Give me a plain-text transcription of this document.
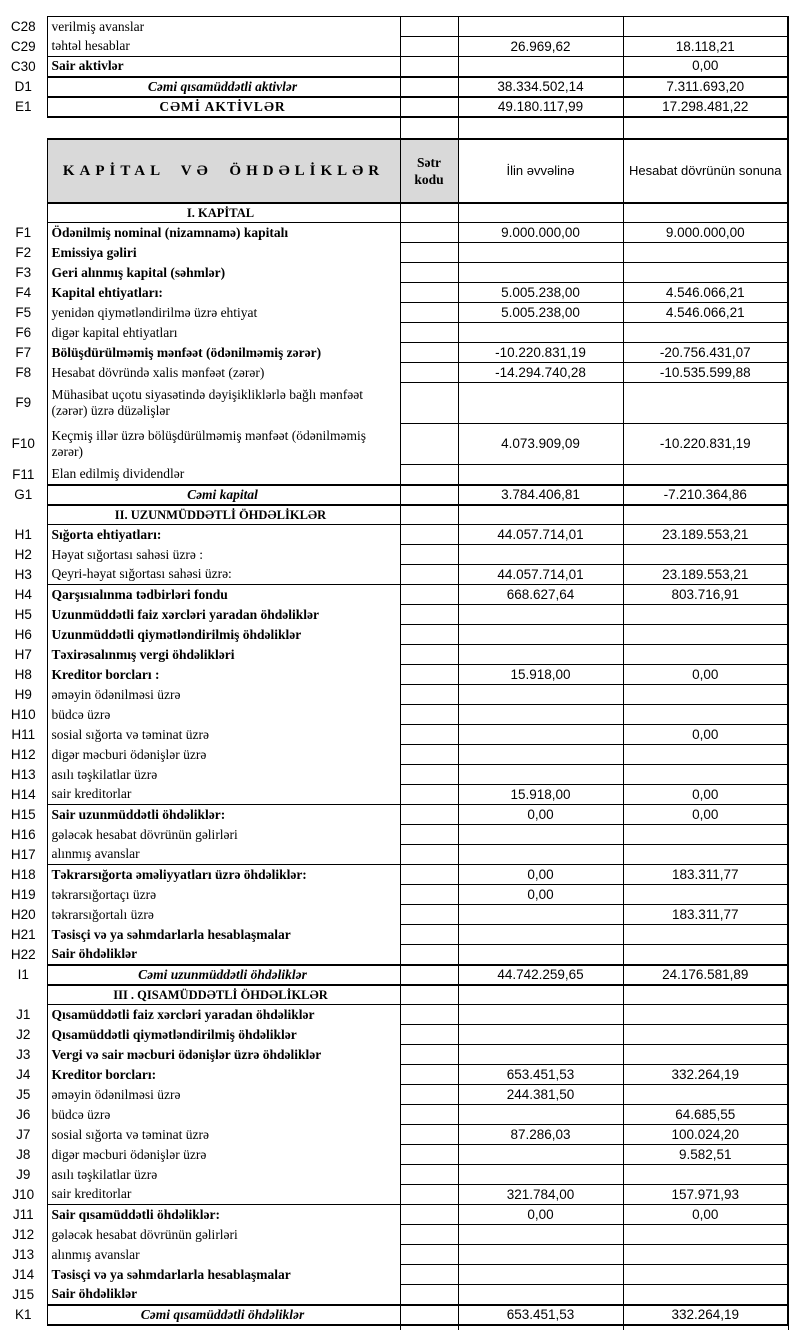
C28	verilmiş avanslar			
C29	təhtəl hesablar		26.969,62	18.118,21
C30	Sair aktivlər			0,00
D1	Cəmi qısamüddətli aktivlər		38.334.502,14	7.311.693,20
E1	CƏMİ AKTİVLƏR		49.180.117,99	17.298.481,22

	KAPİTAL VƏ ÖHDƏLİKLƏR	Sətr
kodu	İlin əvvəlinə	Hesabat dövrünün sonuna
	I. KAPİTAL			
F1	Ödənilmiş nominal (nizamnamə) kapitalı		9.000.000,00	9.000.000,00
F2	Emissiya gəliri			
F3	Geri alınmış kapital (səhmlər)			
F4	Kapital ehtiyatları:		5.005.238,00	4.546.066,21
F5	yenidən qiymətləndirilmə üzrə ehtiyat		5.005.238,00	4.546.066,21
F6	digər kapital ehtiyatları			
F7	Bölüşdürülməmiş mənfəət (ödənilməmiş zərər)		-10.220.831,19	-20.756.431,07
F8	Hesabat dövründə xalis mənfəət (zərər)		-14.294.740,28	-10.535.599,88
F9	Mühasibat uçotu siyasətində dəyişikliklərlə bağlı mənfəət (zərər) üzrə düzəlişlər			
F10	Keçmiş illər üzrə bölüşdürülməmiş mənfəət (ödənilməmiş zərər)		4.073.909,09	-10.220.831,19
F11	Elan edilmiş dividendlər			
G1	Cəmi kapital		3.784.406,81	-7.210.364,86
	II. UZUNMÜDDƏTLİ ÖHDƏLİKLƏR			
H1	Sığorta ehtiyatları:		44.057.714,01	23.189.553,21
H2	Həyat sığortası sahəsi üzrə :			
H3	Qeyri-həyat sığortası sahəsi üzrə:		44.057.714,01	23.189.553,21
H4	Qarşısıalınma tədbirləri fondu		668.627,64	803.716,91
H5	Uzunmüddətli faiz xərcləri yaradan öhdəliklər			
H6	Uzunmüddətli qiymətləndirilmiş öhdəliklər			
H7	Təxirəsalınmış vergi öhdəlikləri			
H8	Kreditor borcları :		15.918,00	0,00
H9	əməyin ödənilməsi üzrə			
H10	büdcə üzrə			
H11	sosial sığorta və təminat üzrə			0,00
H12	digər məcburi ödənişlər üzrə			
H13	asılı təşkilatlar üzrə			
H14	sair kreditorlar		15.918,00	0,00
H15	Sair uzunmüddətli öhdəliklər:		0,00	0,00
H16	gələcək hesabat dövrünün gəlirləri			
H17	alınmış avanslar			
H18	Təkrarsığorta əməliyyatları üzrə öhdəliklər:		0,00	183.311,77
H19	təkrarsığortaçı üzrə		0,00	
H20	təkrarsığortalı üzrə			183.311,77
H21	Təsisçi və ya səhmdarlarla hesablaşmalar			
H22	Sair öhdəliklər			
I1	Cəmi uzunmüddətli öhdəliklər		44.742.259,65	24.176.581,89
	III . QISAMÜDDƏTLİ ÖHDƏLİKLƏR			
J1	Qısamüddətli faiz xərcləri yaradan öhdəliklər			
J2	Qısamüddətli qiymətləndirilmiş öhdəliklər			
J3	Vergi və sair məcburi ödənişlər üzrə öhdəliklər			
J4	Kreditor borcları:		653.451,53	332.264,19
J5	əməyin ödənilməsi üzrə		244.381,50	
J6	büdcə üzrə			64.685,55
J7	sosial sığorta və təminat üzrə		87.286,03	100.024,20
J8	digər məcburi ödənişlər üzrə			9.582,51
J9	asılı təşkilatlar üzrə			
J10	sair kreditorlar		321.784,00	157.971,93
J11	Sair qısamüddətli öhdəliklər:		0,00	0,00
J12	gələcək hesabat dövrünün gəlirləri			
J13	alınmış avanslar			
J14	Təsisçi və ya səhmdarlarla hesablaşmalar			
J15	Sair öhdəliklər			
K1	Cəmi qısamüddətli öhdəliklər		653.451,53	332.264,19
